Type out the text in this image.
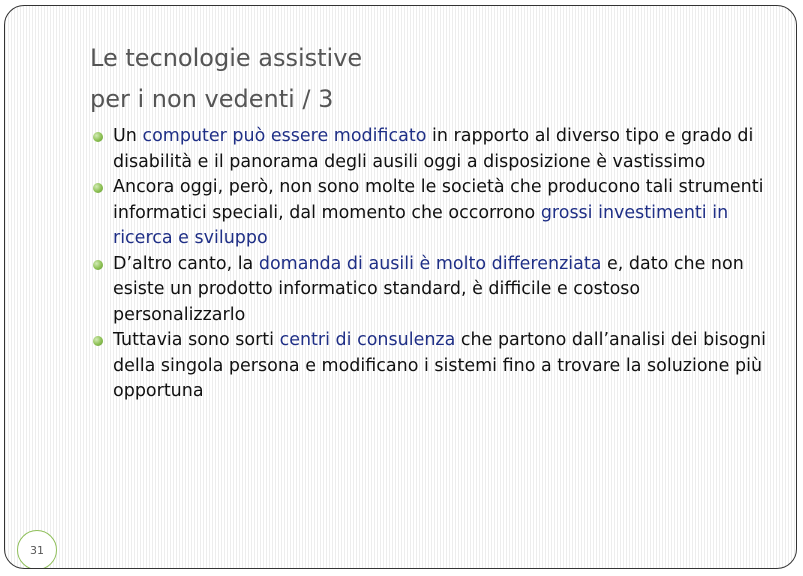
Le tecnologie assistive
per i non vedenti / 3
Un computer può essere modificato in rapporto al diverso tipo e grado di disabilità e il panorama degli ausili oggi a disposizione è vastissimo
Ancora oggi, però, non sono molte le società che producono tali strumenti informatici speciali, dal momento che occorrono grossi investimenti in ricerca e sviluppo
D’altro canto, la domanda di ausili è molto differenziata e, dato che non esiste un prodotto informatico standard, è difficile e costoso personalizzarlo
Tuttavia sono sorti centri di consulenza che partono dall’analisi dei bisogni della singola persona e modificano i sistemi fino a trovare la soluzione più opportuna
31
